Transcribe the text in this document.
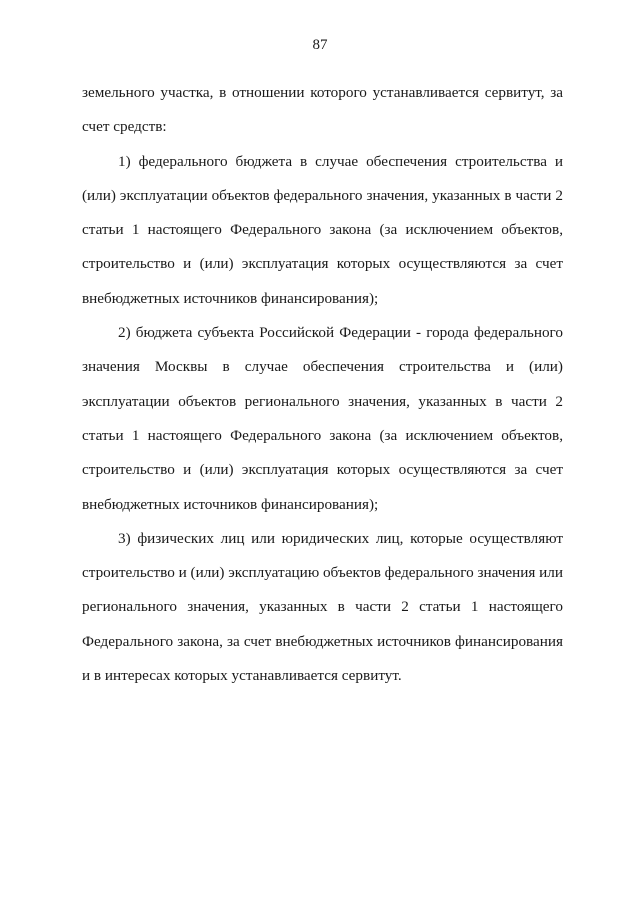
87

земельного участка, в отношении которого устанавливается сервитут, за счет средств:

1) федерального бюджета в случае обеспечения строительства и (или) эксплуатации объектов федерального значения, указанных в части 2 статьи 1 настоящего Федерального закона (за исключением объектов, строительство и (или) эксплуатация которых осуществляются за счет внебюджетных источников финансирования);

2) бюджета субъекта Российской Федерации - города федерального значения Москвы в случае обеспечения строительства и (или) эксплуатации объектов регионального значения, указанных в части 2 статьи 1 настоящего Федерального закона (за исключением объектов, строительство и (или) эксплуатация которых осуществляются за счет внебюджетных источников финансирования);

3) физических лиц или юридических лиц, которые осуществляют строительство и (или) эксплуатацию объектов федерального значения или регионального значения, указанных в части 2 статьи 1 настоящего Федерального закона, за счет внебюджетных источников финансирования и в интересах которых устанавливается сервитут.
